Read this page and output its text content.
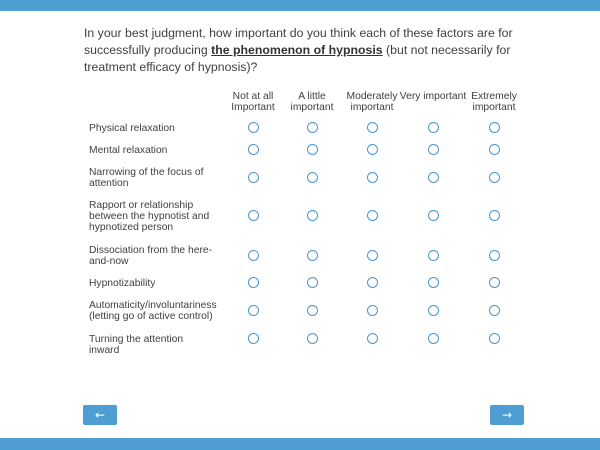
In your best judgment, how important do you think each of these factors are for successfully producing the phenomenon of hypnosis (but not necessarily for treatment efficacy of hypnosis)?
Not at all Important
A little important
Moderately important
Very important Extremely important
Physical relaxation
Mental relaxation
Narrowing of the focus of attention
Rapport or relationship between the hypnotist and hypnotized person
Dissociation from the here-and-now
Hypnotizability
Automaticity/involuntariness (letting go of active control)
Turning the attention inward
←	→
